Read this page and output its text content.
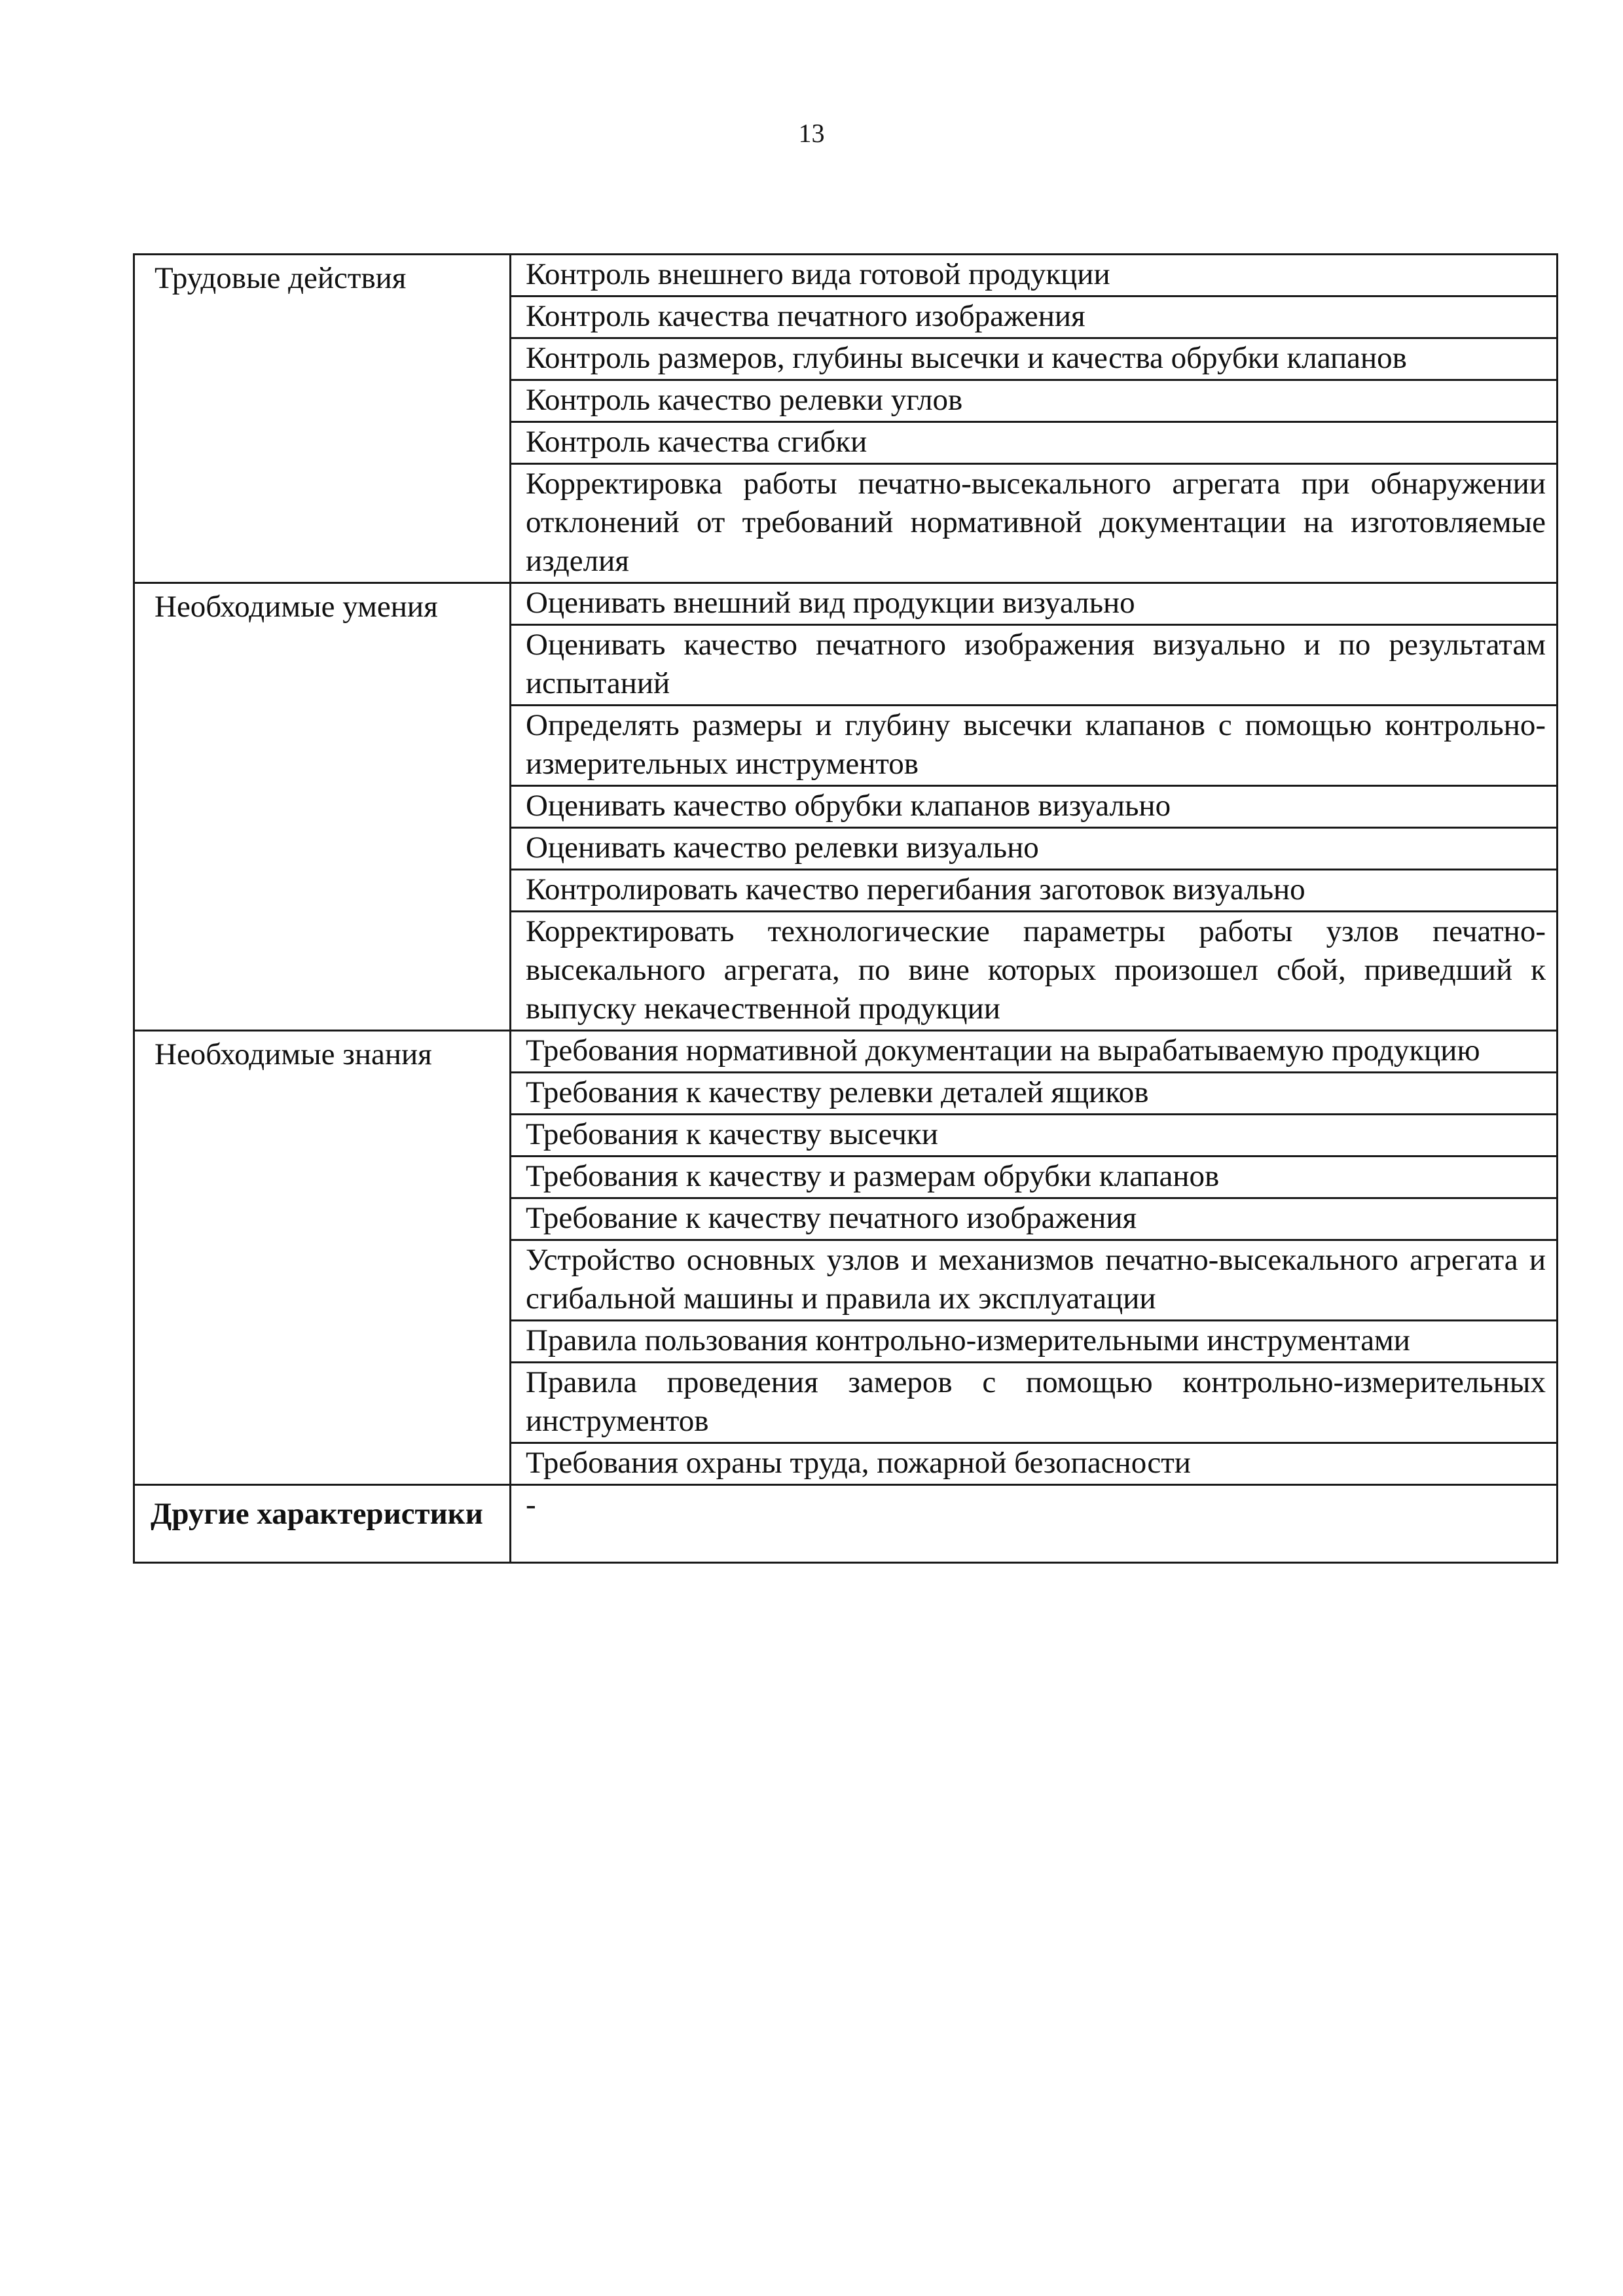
13
Трудовые действия	Контроль внешнего вида готовой продукции
	Контроль качества печатного изображения
	Контроль размеров, глубины высечки и качества обрубки клапанов
	Контроль качество релевки углов
	Контроль качества сгибки
	Корректировка работы печатно-высекального агрегата при обнаружении отклонений от требований нормативной документации на изготовляемые изделия
Необходимые умения	Оценивать внешний вид продукции визуально
	Оценивать качество печатного изображения визуально и по результатам испытаний
	Определять размеры и глубину высечки клапанов с помощью контрольно-измерительных инструментов
	Оценивать качество обрубки клапанов визуально
	Оценивать качество релевки визуально
	Контролировать качество перегибания заготовок визуально
	Корректировать технологические параметры работы узлов печатно-высекального агрегата, по вине которых произошел сбой, приведший к выпуску некачественной продукции
Необходимые знания	Требования нормативной документации на вырабатываемую продукцию
	Требования к качеству релевки деталей ящиков
	Требования к качеству высечки
	Требования к качеству и размерам обрубки клапанов
	Требование к качеству печатного изображения
	Устройство основных узлов и механизмов печатно-высекального агрегата и сгибальной машины и правила их эксплуатации
	Правила пользования контрольно-измерительными инструментами
	Правила проведения замеров с помощью контрольно-измерительных инструментов
	Требования охраны труда, пожарной безопасности
Другие характеристики	-
